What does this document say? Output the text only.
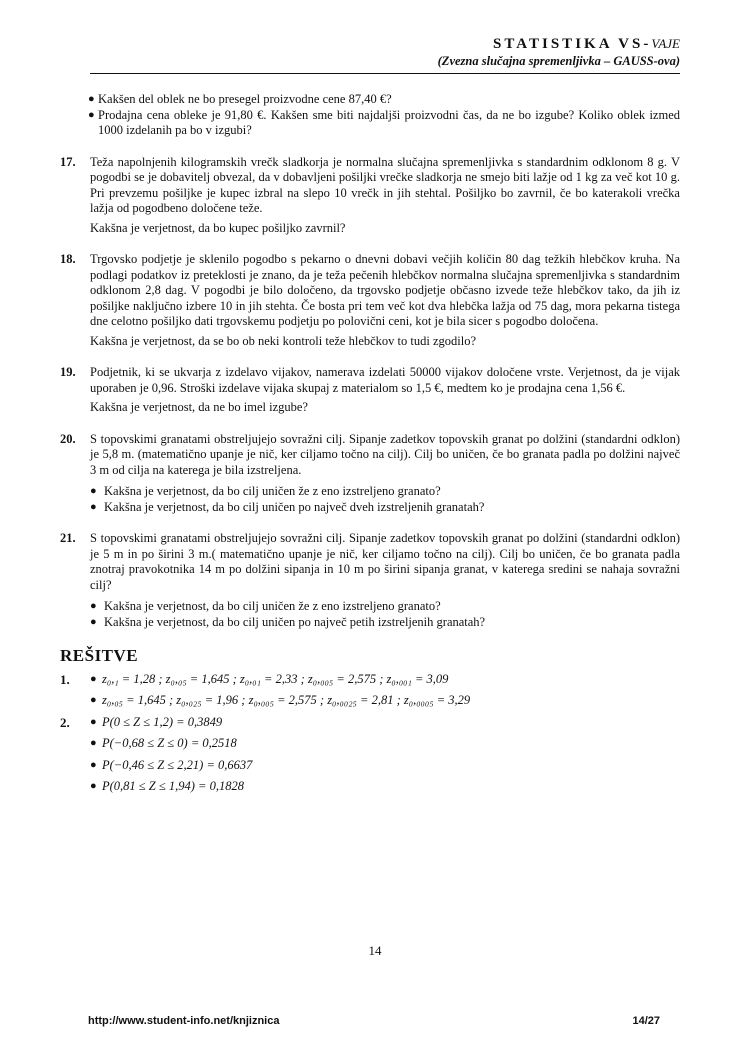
STATISTIKA VS-VAJE
(Zvezna slučajna spremenljivka – GAUSS-ova)
● Kakšen del oblek ne bo presegel proizvodne cene 87,40 €?
● Prodajna cena obleke je 91,80 €. Kakšen sme biti najdaljši proizvodni čas, da ne bo izgube? Koliko oblek izmed 1000 izdelanih pa bo v izgubi?
17. Teža napolnjenih kilogramskih vrečk sladkorja je normalna slučajna spremenljivka s standardnim odklonom 8 g. V pogodbi se je dobavitelj obvezal, da v dobavljeni pošiljki vrečke sladkorja ne smejo biti lažje od 1 kg za več kot 10 g. Pri prevzemu pošiljke je kupec izbral na slepo 10 vrečk in jih stehtal. Pošiljko bo zavrnil, če bo katerakoli vrečka lažja od pogodbeno določene teže.

Kakšna je verjetnost, da bo kupec pošiljko zavrnil?

18. Trgovsko podjetje je sklenilo pogodbo s pekarno o dnevni dobavi večjih količin 80 dag težkih hlebčkov kruha. Na podlagi podatkov iz preteklosti je znano, da je teža pečenih hlebčkov normalna slučajna spremenljivka s standardnim odklonom 2,8 dag. V pogodbi je bilo določeno, da trgovsko podjetje občasno izvede teže hlebčkov tako, da jih iz pošiljke naključno izbere 10 in jih stehta. Če bosta pri tem več kot dva hlebčka lažja od 75 dag, mora pekarna tistega dne celotno pošiljko dati trgovskemu podjetju po polovični ceni, kot je bila sicer s pogodbo določena.

Kakšna je verjetnost, da se bo ob neki kontroli teže hlebčkov to tudi zgodilo?

19. Podjetnik, ki se ukvarja z izdelavo vijakov, namerava izdelati 50000 vijakov določene vrste. Verjetnost, da je vijak uporaben je 0,96. Stroški izdelave vijaka skupaj z materialom so 1,5 €, medtem ko je prodajna cena 1,56 €.

Kakšna je verjetnost, da ne bo imel izgube?

20. S topovskimi granatami obstreljujejo sovražni cilj. Sipanje zadetkov topovskih granat po dolžini (standardni odklon) je 5,8 m. (matematično upanje je nič, ker ciljamo točno na cilj). Cilj bo uničen, če bo granata padla po dolžini največ 3 m od cilja na katerega je bila izstreljena.

● Kakšna je verjetnost, da bo cilj uničen že z eno izstreljeno granato?
● Kakšna je verjetnost, da bo cilj uničen po največ dveh izstreljenih granatah?
21. S topovskimi granatami obstreljujejo sovražni cilj. Sipanje zadetkov topovskih granat po dolžini (standardni odklon) je 5 m in po širini 3 m.( matematično upanje je nič, ker ciljamo točno na cilj). Cilj bo uničen, če bo granata padla znotraj pravokotnika 14 m po dolžini sipanja in 10 m po širini sipanja granat, v katerega sredini se nahaja sovražni cilj?

● Kakšna je verjetnost, da bo cilj uničen že z eno izstreljeno granato?
● Kakšna je verjetnost, da bo cilj uničen po največ petih izstreljenih granatah?
REŠITVE
1. ● z₀,₁ = 1,28 ; z₀,₀₅ = 1,645 ; z₀,₀₁ = 2,33 ; z₀,₀₀₅ = 2,575 ; z₀,₀₀₁ = 3,09
● z₀,₀₅ = 1,645 ; z₀,₀₂₅ = 1,96 ; z₀,₀₀₅ = 2,575 ; z₀,₀₀₂₅ = 2,81 ; z₀,₀₀₀₅ = 3,29
2. ● P(0 ≤ Z ≤ 1,2) = 0,3849
● P(−0,68 ≤ Z ≤ 0) = 0,2518
● P(−0,46 ≤ Z ≤ 2,21) = 0,6637
● P(0,81 ≤ Z ≤ 1,94) = 0,1828
14
http://www.student-info.net/knjiznica	14/27
